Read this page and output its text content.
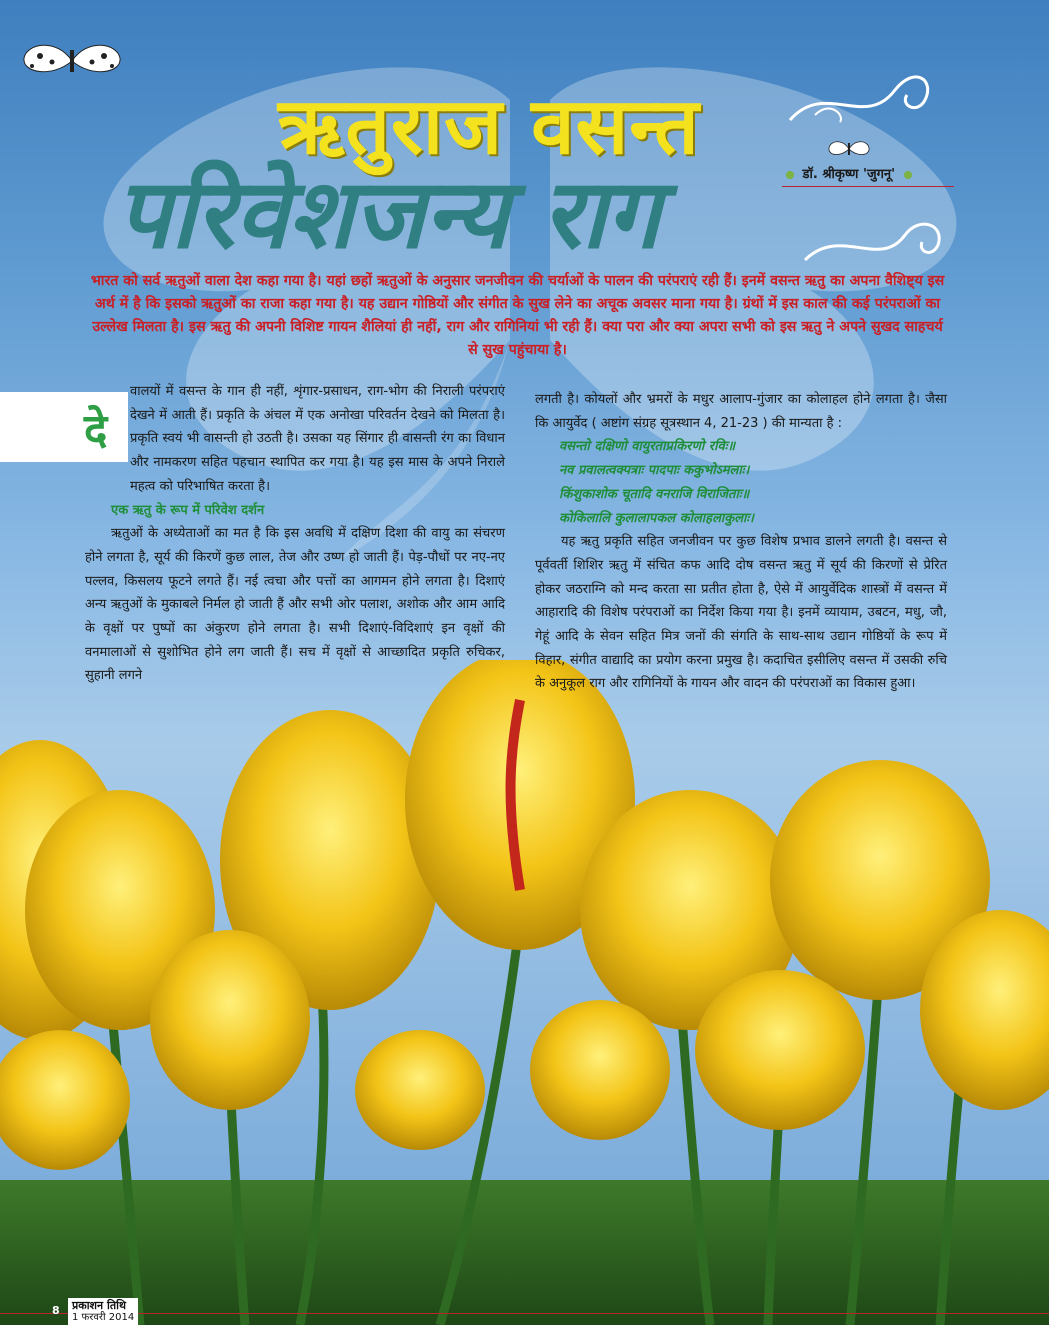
ऋतुराज वसन्त
परिवेशजन्य राग	डॉ. श्रीकृष्ण 'जुगनू'
भारत को सर्व ऋतुओं वाला देश कहा गया है। यहां छहों ऋतुओं के अनुसार जनजीवन की चर्याओं के पालन की परंपराएं रही हैं। इनमें वसन्त ऋतु का अपना वैशिष्ट्य इस अर्थ में है कि इसको ऋतुओं का राजा कहा गया है। यह उद्यान गोष्ठियों और संगीत के सुख लेने का अचूक अवसर माना गया है। ग्रंथों में इस काल की कई परंपराओं का उल्लेख मिलता है। इस ऋतु की अपनी विशिष्ट गायन शैलियां ही नहीं, राग और रागिनियां भी रही हैं। क्या परा और क्या अपरा सभी को इस ऋतु ने अपने सुखद साहचर्य से सुख पहुंचाया है।
दे

वालयों में वसन्त के गान ही नहीं, शृंगार-प्रसाधन, राग-भोग की निराली परंपराएं देखने में आती हैं। प्रकृति के अंचल में एक अनोखा परिवर्तन देखने को मिलता है। प्रकृति स्वयं भी वासन्ती हो उठती है। उसका यह सिंगार ही वासन्ती रंग का विधान और नामकरण सहित पहचान स्थापित कर गया है। यह इस मास के अपने निराले महत्व को परिभाषित करता है।

एक ऋतु के रूप में परिवेश दर्शन

ऋतुओं के अध्येताओं का मत है कि इस अवधि में दक्षिण दिशा की वायु का संचरण होने लगता है, सूर्य की किरणें कुछ लाल, तेज और उष्ण हो जाती हैं। पेड़-पौधों पर नए-नए पल्लव, किसलय फूटने लगते हैं। नई त्वचा और पत्तों का आगमन होने लगता है। दिशाएं अन्य ऋतुओं के मुकाबले निर्मल हो जाती हैं और सभी ओर पलाश, अशोक और आम आदि के वृक्षों पर पुष्पों का अंकुरण होने लगता है। सभी दिशाएं-विदिशाएं इन वृक्षों की वनमालाओं से सुशोभित होने लग जाती हैं। सच में वृक्षों से आच्छादित प्रकृति रुचिकर, सुहानी लगने

लगती है। कोयलों और भ्रमरों के मधुर आलाप-गुंजार का कोलाहल होने लगता है। जैसा कि आयुर्वेद ( अष्टांग संग्रह सूत्रस्थान 4, 21-23 ) की मान्यता है :

वसन्तो दक्षिणो वायुरताप्रकिरणो रविः॥

नव प्रवालत्वक्पत्राः पादपाः ककुभोऽमलाः।

किंशुकाशोक चूतादि वनराजि विराजिताः॥

कोकिलालि कुलालापकल कोलाहलाकुलाः।

यह ऋतु प्रकृति सहित जनजीवन पर कुछ विशेष प्रभाव डालने लगती है। वसन्त से पूर्ववर्ती शिशिर ऋतु में संचित कफ आदि दोष वसन्त ऋतु में सूर्य की किरणों से प्रेरित होकर जठराग्नि को मन्द करता सा प्रतीत होता है, ऐसे में आयुर्वेदिक शास्त्रों में वसन्त में आहारादि की विशेष परंपराओं का निर्देश किया गया है। इनमें व्यायाम, उबटन, मधु, जौ, गेहूं आदि के सेवन सहित मित्र जनों की संगति के साथ-साथ उद्यान गोष्ठियों के रूप में विहार, संगीत वाद्यादि का प्रयोग करना प्रमुख है। कदाचित इसीलिए वसन्त में उसकी रुचि के अनुकूल राग और रागिनियों के गायन और वादन की परंपराओं का विकास हुआ।

8 प्रकाशन तिथि
1 फरवरी 2014
